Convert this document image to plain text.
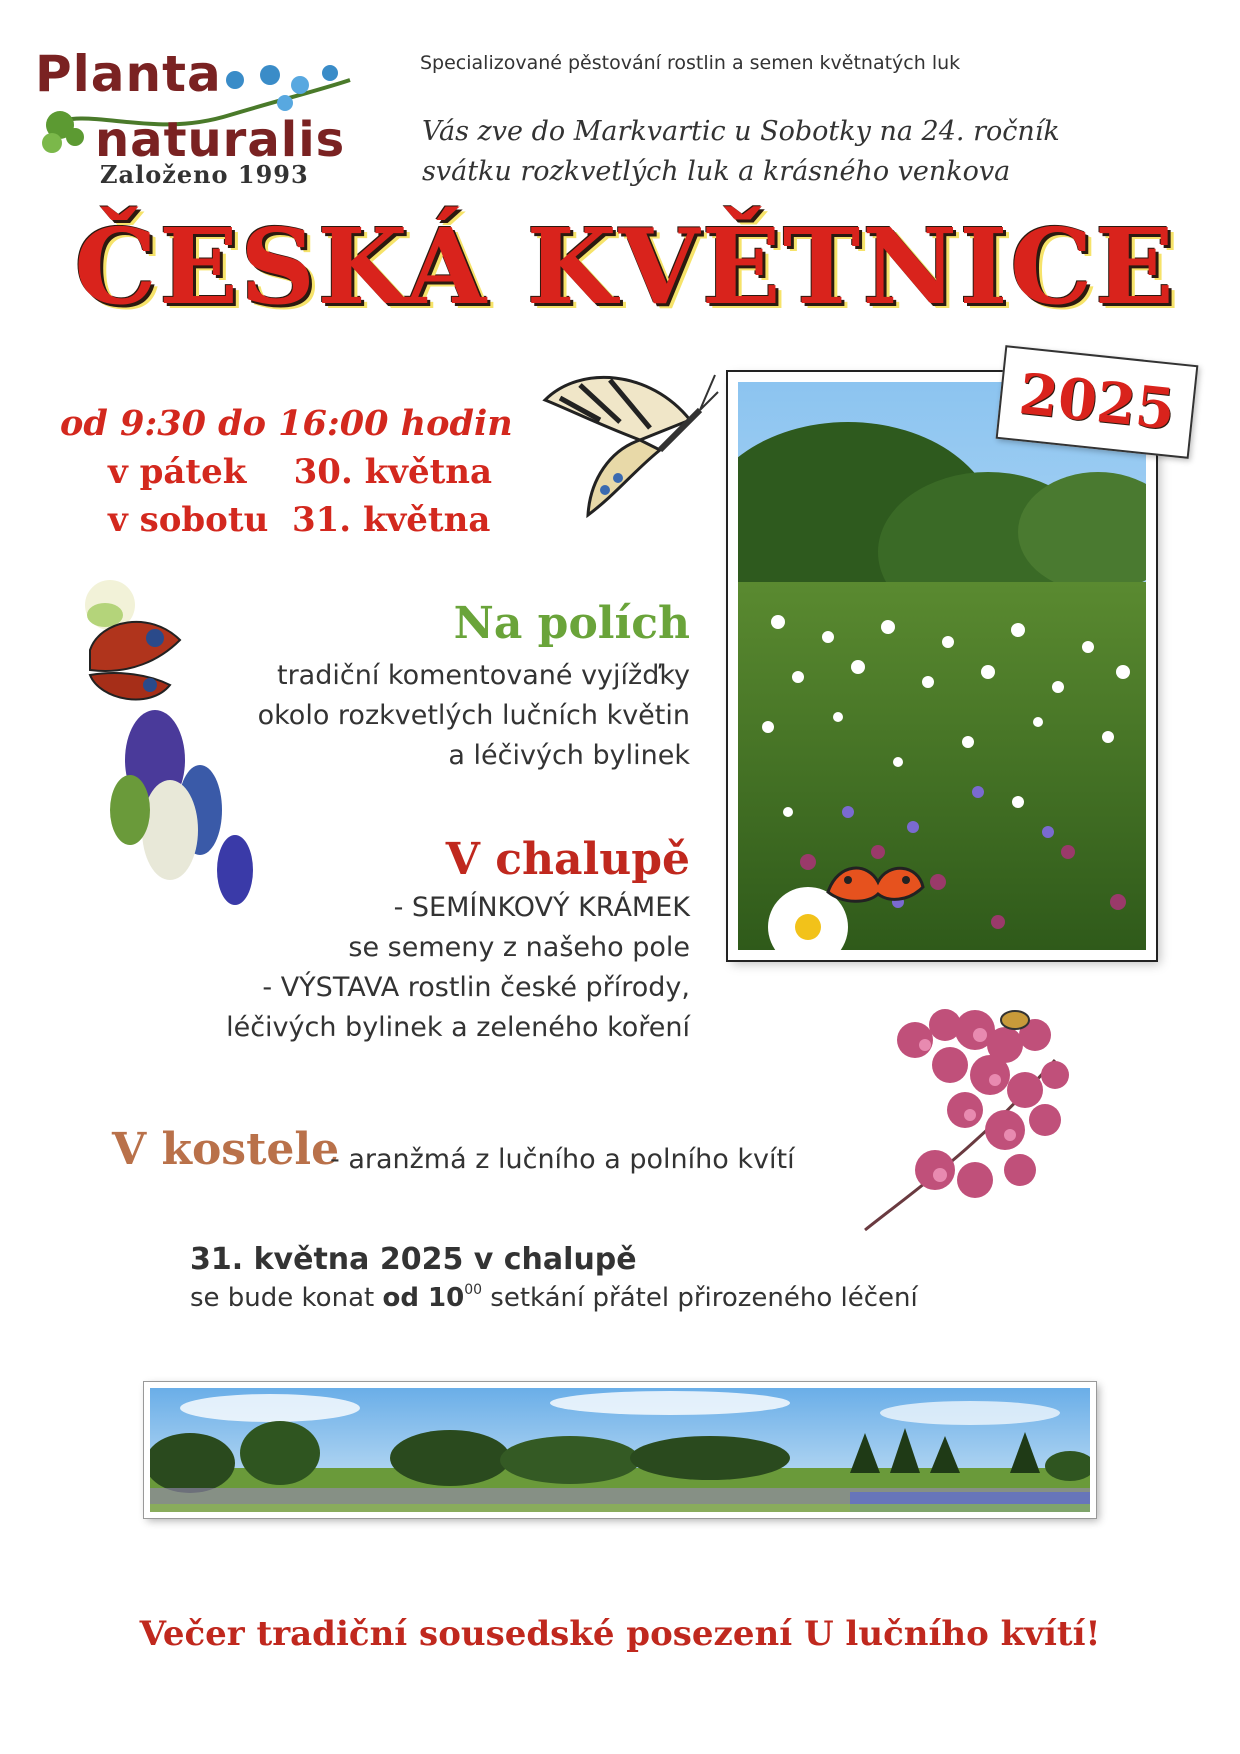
Planta
naturalis
Založeno 1993
Specializované pěstování rostlin a semen květnatých luk
Vás zve do Markvartic u Sobotky na 24. ročník
svátku rozkvetlých luk a krásného venkova
ČESKÁ KVĚTNICE
od 9:30 do 16:00 hodin
v pátek    30. května
v sobotu  31. května
2025
Na polích
tradiční komentované vyjížďky
okolo rozkvetlých lučních květin
a léčivých bylinek
V chalupě
- SEMÍNKOVÝ KRÁMEK
se semeny z našeho pole
- VÝSTAVA rostlin české přírody,
léčivých bylinek a zeleného koření
V kostele
- aranžmá z lučního a polního kvítí
31. května 2025 v chalupě
se bude konat od $10^{00}$ setkání přátel přirozeného léčení
Večer tradiční sousedské posezení U lučního kvítí!
